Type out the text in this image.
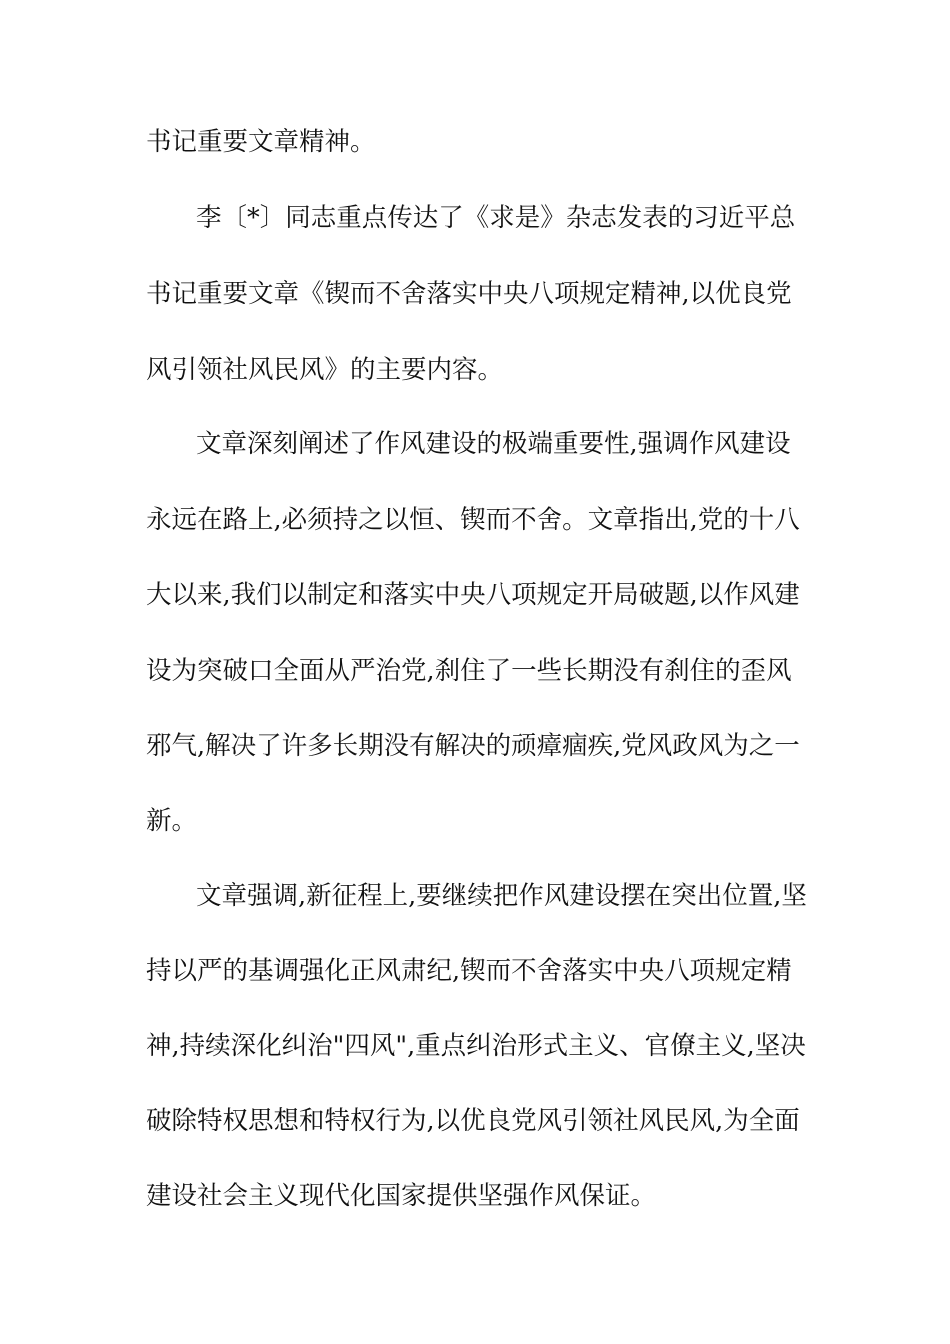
书记重要文章精神。
李〔*〕同志重点传达了《求是》杂志发表的习近平总
书记重要文章《锲而不舍落实中央八项规定精神,以优良党
风引领社风民风》的主要内容。
文章深刻阐述了作风建设的极端重要性,强调作风建设
永远在路上,必须持之以恒、锲而不舍。文章指出,党的十八
大以来,我们以制定和落实中央八项规定开局破题,以作风建
设为突破口全面从严治党,刹住了一些长期没有刹住的歪风
邪气,解决了许多长期没有解决的顽瘴痼疾,党风政风为之一
新。
文章强调,新征程上,要继续把作风建设摆在突出位置,坚
持以严的基调强化正风肃纪,锲而不舍落实中央八项规定精
神,持续深化纠治"四风",重点纠治形式主义、官僚主义,坚决
破除特权思想和特权行为,以优良党风引领社风民风,为全面
建设社会主义现代化国家提供坚强作风保证。
